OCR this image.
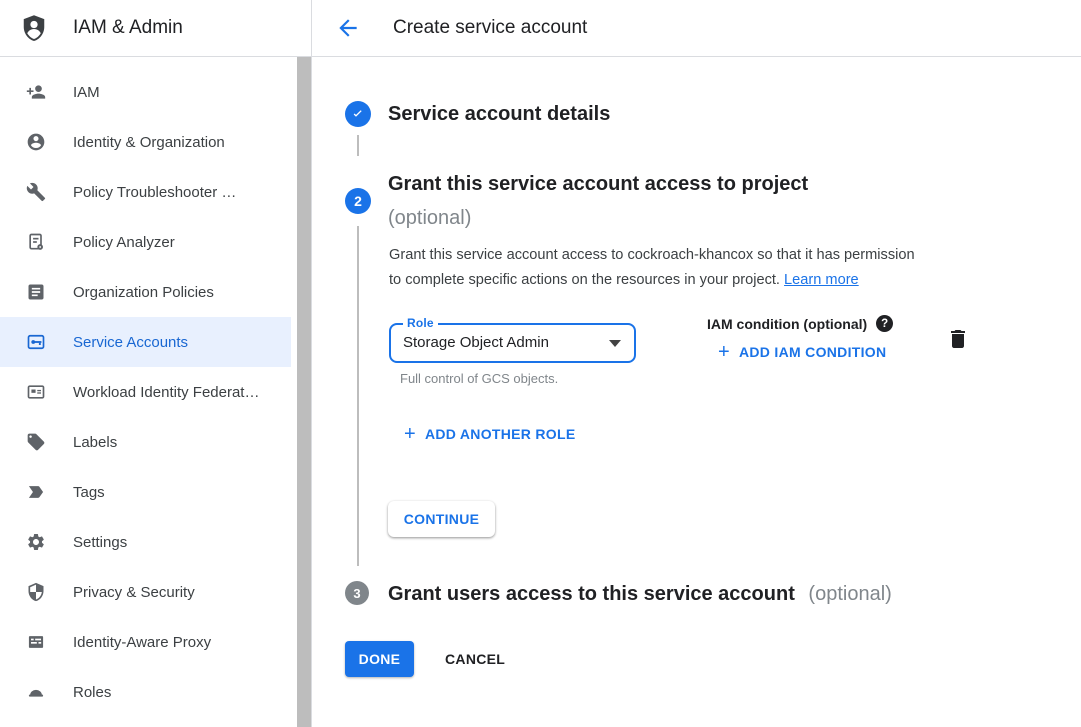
IAM & Admin
IAM
Identity & Organization
Policy Troubleshooter …
Policy Analyzer
Organization Policies
Service Accounts
Workload Identity Federat…
Labels
Tags
Settings
Privacy & Security
Identity-Aware Proxy
Roles
Create service account
Service account details
2
Grant this service account access to project
(optional)
Grant this service account access to cockroach-khancox so that it has permission
to complete specific actions on the resources in your project. Learn more
Role
Storage Object Admin
Full control of GCS objects.
IAM condition (optional) ?
+ ADD IAM CONDITION
+ ADD ANOTHER ROLE
CONTINUE
3 Grant users access to this service account (optional)
DONE	CANCEL
